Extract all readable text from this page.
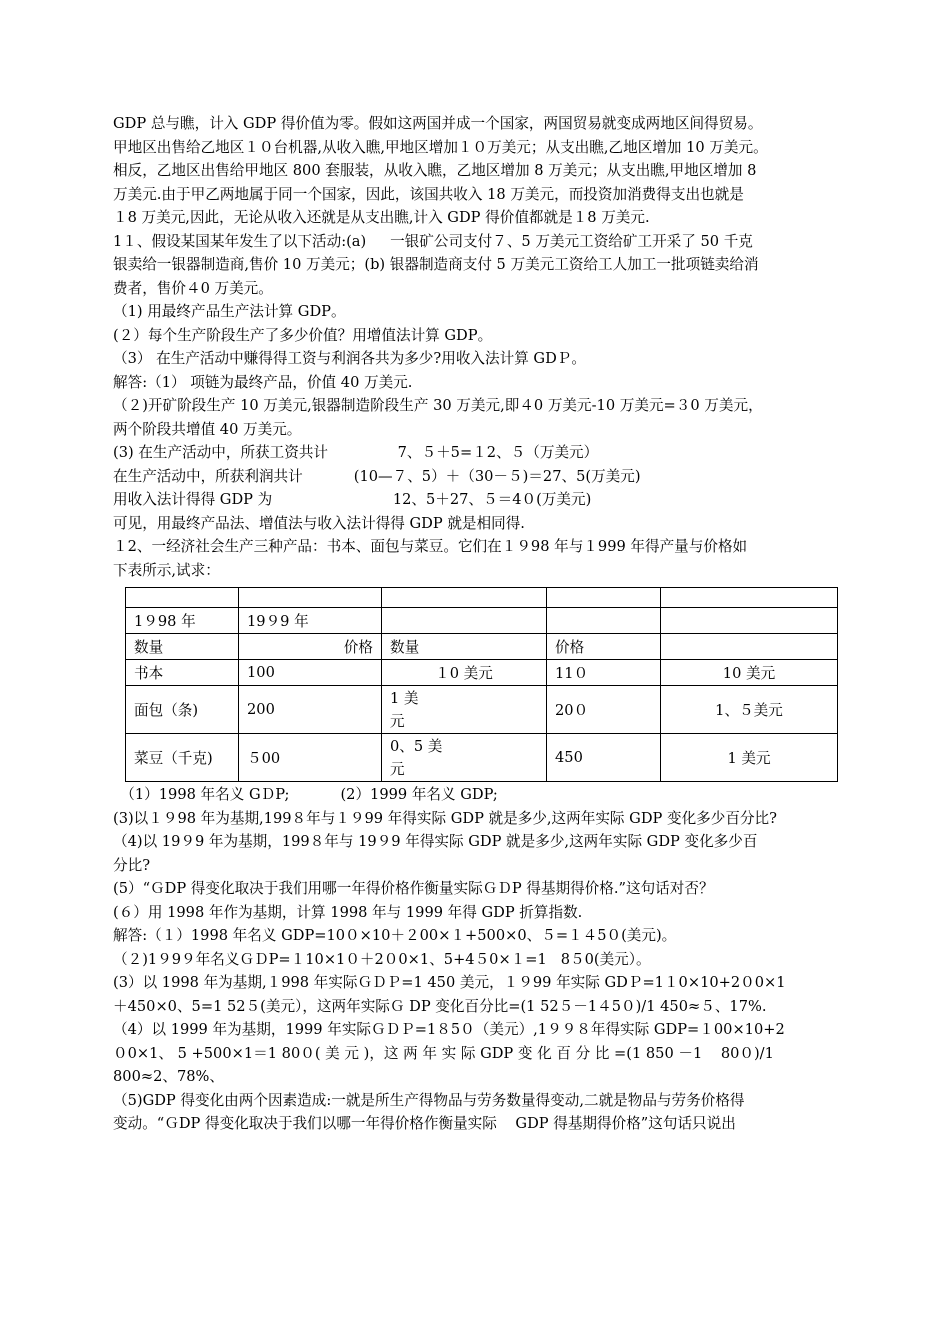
GDP 总与瞧，计入 GDP 得价值为零。假如这两国并成一个国家，两国贸易就变成两地区间得贸易。
甲地区出售给乙地区１０台机器,从收入瞧,甲地区增加１０万美元；从支出瞧,乙地区增加 10 万美元。
相反，乙地区出售给甲地区 800 套服装，从收入瞧，乙地区增加 8 万美元；从支出瞧,甲地区增加 8
万美元.由于甲乙两地属于同一个国家，因此，该国共收入 18 万美元，而投资加消费得支出也就是
１8 万美元,因此，无论从收入还就是从支出瞧,计入 GDP 得价值都就是１8 万美元.
1１、假设某国某年发生了以下活动:(a)　  一银矿公司支付７、5 万美元工资给矿工开采了 50 千克
银卖给一银器制造商,售价 10 万美元；(b) 银器制造商支付 5 万美元工资给工人加工一批项链卖给消
费者，售价４0 万美元。
（1) 用最终产品生产法计算 GDP。
(２）每个生产阶段生产了多少价值？用增值法计算 GDP。
（3） 在生产活动中赚得得工资与利润各共为多少?用收入法计算 GDＰ。
解答:（1） 项链为最终产品，价值 40 万美元.
（２)开矿阶段生产 10 万美元,银器制造阶段生产 30 万美元,即４0 万美元-10 万美元=３0 万美元，
两个阶段共增值 40 万美元。
(3) 在生产活动中，所获工资共计               7、５＋5=１2、５（万美元）
在生产活动中，所获利润共计           (10—７、5）＋（30－５)＝27、5(万美元)
用收入法计得得 GDP 为                          12、5＋27、５＝4０(万美元)
可见，用最终产品法、增值法与收入法计得得 GDP 就是相同得.
１2、一经济社会生产三种产品：书本、面包与菜豆。它们在１９98 年与１999 年得产量与价格如
下表所示,试求：

1９98 年	19９9 年			
数量	价格	数量	价格	
书本	100	１0 美元	11０	10 美元
面包（条)	200	1 美
元	20０	1、５美元
菜豆（千克)	５00	0、5 美
元	450	1 美元
　（1）1998 年名义 GＤP;           (2）1999 年名义 GDP;
(3)以１９98 年为基期,199８年与１９99 年得实际 GDP 就是多少,这两年实际 GDP 变化多少百分比?
（4)以 19９9 年为基期，199８年与 19９9 年得实际 GDP 就是多少,这两年实际 GDP 变化多少百
分比?
(5）“ＧDP 得变化取决于我们用哪一年得价格作衡量实际ＧＤP 得基期得价格.”这句话对否？
(６）用 1998 年作为基期，计算 1998 年与 1999 年得 GDP 折算指数.
解答:（１）1998 年名义 GDP=10０×10＋２00×１+500×0、５=１４5０(美元)。
（２)1９9９年名义ＧＤP=１10×1０＋2０0×1、5+4５0×１=1   8５0(美元）。
(3）以 1998 年为基期,１998 年实际ＧＤＰ=1 450 美元，１９99 年实际 GDＰ=1１0×10+2０0×1
＋450×0、5=1 52５(美元），这两年实际Ｇ DP 变化百分比=(1 52５－1４5０)/1 450≈５、17%.
（4）以 1999 年为基期，1999 年实际ＧＤＰ=1８5０（美元）,1９９８年得实际 GDP=１00×10+2
０0×1、 5 +500×1＝1 80０( 美 元 )，这 两 年 实 际 GDP 变 化 百 分 比 =(1 850 －1    80０)/1
800≈2、78%、
（5)GDP 得变化由两个因素造成:一就是所生产得物品与劳务数量得变动,二就是物品与劳务价格得
变动。“ＧDP 得变化取决于我们以哪一年得价格作衡量实际    GDP 得基期得价格”这句话只说出
